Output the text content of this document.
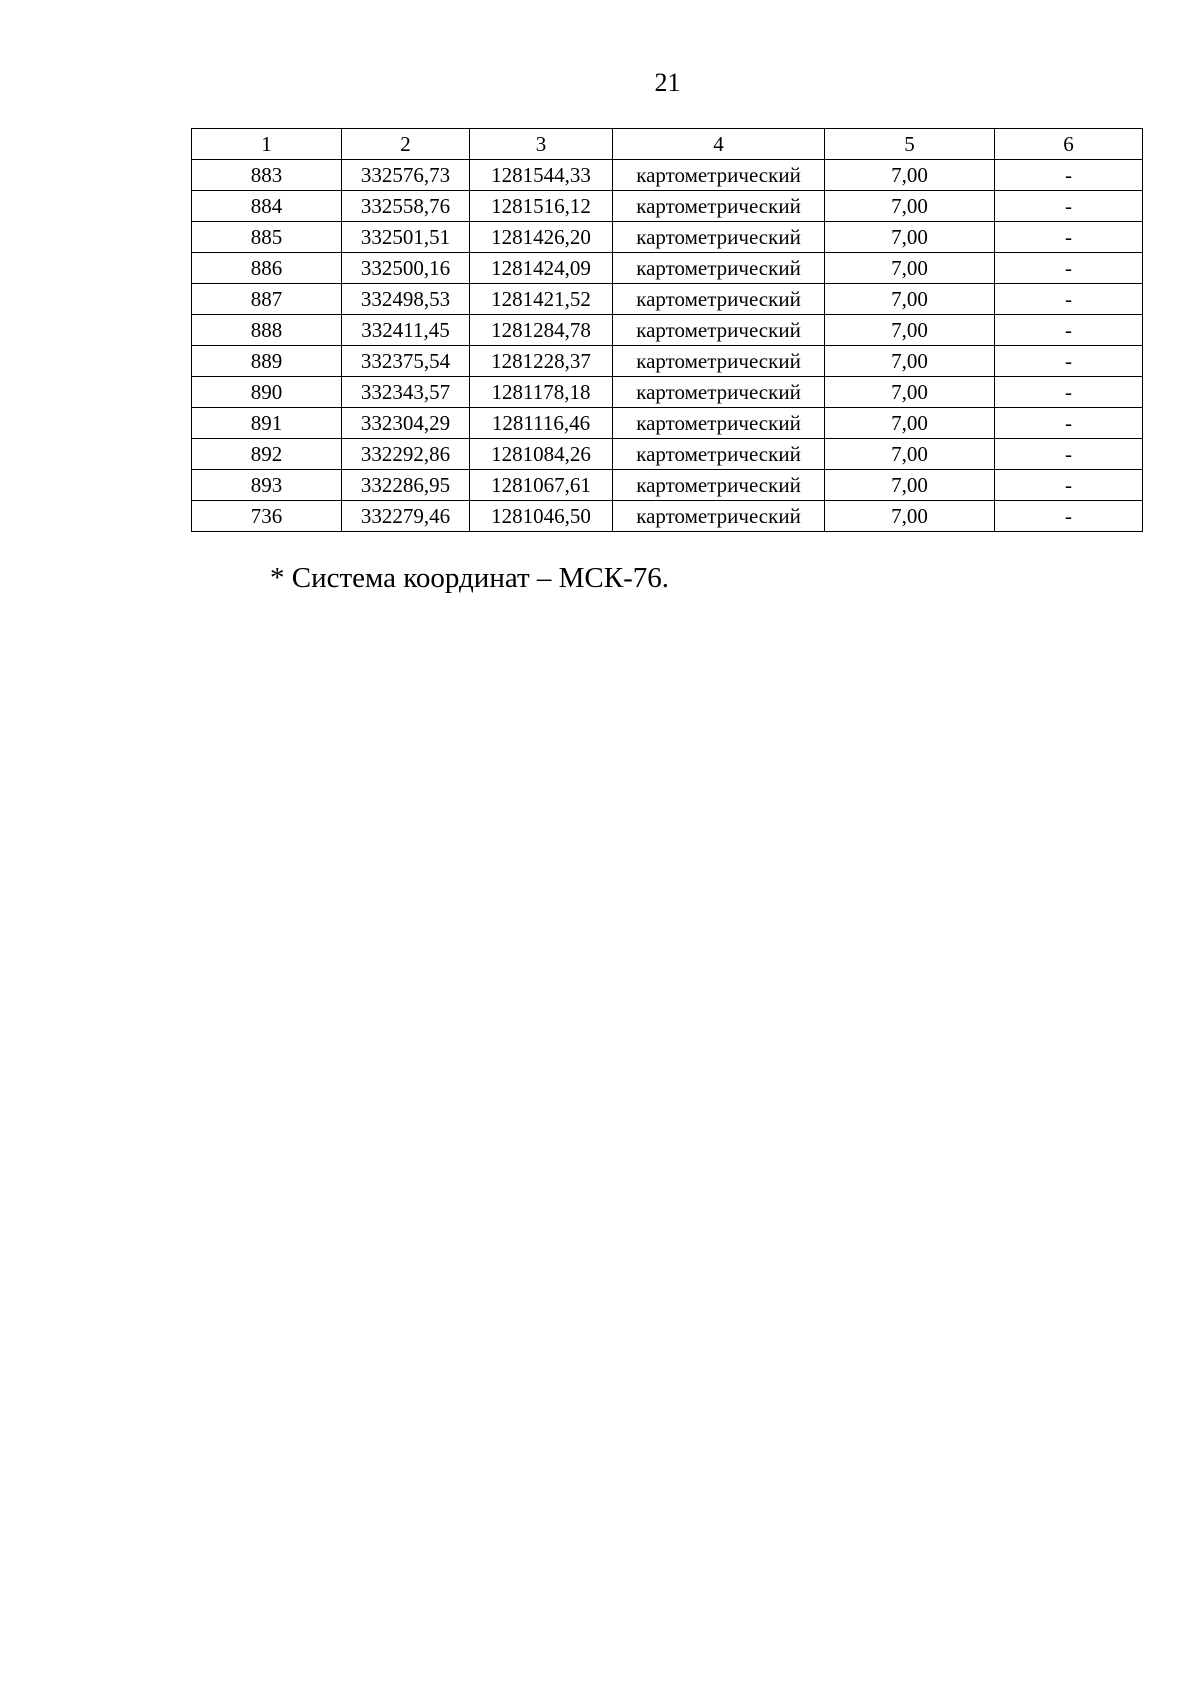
21
1	2	3	4	5	6
883	332576,73	1281544,33	картометрический	7,00	-
884	332558,76	1281516,12	картометрический	7,00	-
885	332501,51	1281426,20	картометрический	7,00	-
886	332500,16	1281424,09	картометрический	7,00	-
887	332498,53	1281421,52	картометрический	7,00	-
888	332411,45	1281284,78	картометрический	7,00	-
889	332375,54	1281228,37	картометрический	7,00	-
890	332343,57	1281178,18	картометрический	7,00	-
891	332304,29	1281116,46	картометрический	7,00	-
892	332292,86	1281084,26	картометрический	7,00	-
893	332286,95	1281067,61	картометрический	7,00	-
736	332279,46	1281046,50	картометрический	7,00	-
* Система координат – МСК-76.
